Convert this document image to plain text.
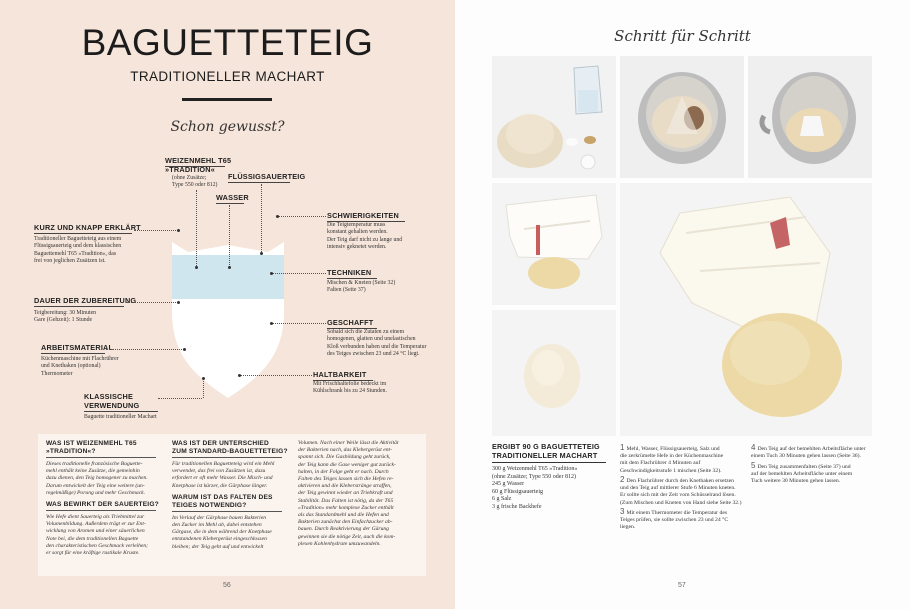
BAGUETTETEIG
TRADITIONELLER MACHART
Schon gewusst?
WEIZENMEHL T65
»TRADITION«
(ohne Zusätze;
Type 550 oder 812)
FLÜSSIGSAUERTEIG
WASSER
KURZ UND KNAPP ERKLÄRT
Traditioneller Baguetteteig aus einem
Flüssigsauerteig und dem klassischen
Baguettemehl T65 »Tradition«, das
frei von jeglichen Zusätzen ist.
DAUER DER ZUBEREITUNG
Teigbereitung: 30 Minuten
Gare (Gehzeit): 1 Stunde
ARBEITSMATERIAL
Küchenmaschine mit Flachrührer
und Knethaken (optional)
Thermometer
KLASSISCHE
VERWENDUNG
Baguette traditioneller Machart
SCHWIERIGKEITEN
Die Teigtemperatur muss
konstant gehalten werden.
Der Teig darf nicht zu lange und
intensiv geknetet werden.
TECHNIKEN
Mischen & Kneten (Seite 32)
Falten (Seite 37)
GESCHAFFT
Sobald sich die Zutaten zu einem
homogenen, glatten und unelastischen
Kloß verbunden haben und die Temperatur
des Teiges zwischen 23 und 24 °C liegt.
HALTBARKEIT
Mit Frischhaltefolie bedeckt im
Kühlschrank bis zu 24 Stunden.
WAS IST WEIZENMEHL T65
»TRADITION«?
Dieses traditionelle französische Baguette-
mehl enthält keine Zusätze, die gemeinhin
dazu dienen, den Teig homogener zu machen.
Darum entwickelt der Teig eine weitere (un-
regelmäßige) Porung und mehr Geschmack.
WAS BEWIRKT DER SAUERTEIG?
Wie Hefe dient Sauerteig als Triebmittel zur
Volumenbildung. Außerdem trägt er zur Ent-
wicklung von Aromen und einer säuerlichen
Note bei, die dem traditionellen Baguette
den charakteristischen Geschmack verleihen;
er sorgt für eine kräftige rustikale Kruste.
WAS IST DER UNTERSCHIED
ZUM STANDARD-BAGUETTETEIG?
Für traditionellen Baguetteteig wird ein Mehl
verwendet, das frei von Zusätzen ist, dazu
erfordert er oft mehr Wasser. Die Misch- und
Knetphase ist kürzer, die Gärphase länger.
WARUM IST DAS FALTEN DES
TEIGES NOTWENDIG?
Im Verlauf der Gärphase bauen Bakterien
den Zucker im Mehl ab, dabei entstehen
Gärgase, die in dem während der Knetphase
entstandenen Klebergerüst eingeschlossen
bleiben; der Teig geht auf und entwickelt
Volumen. Nach einer Weile lässt die Aktivität
der Bakterien nach, das Klebergerüst ent-
spannt sich. Die Gasbildung geht zurück,
der Teig kann die Gase weniger gut zurück-
halten, in der Folge geht er nach. Durch
Falten des Teiges lassen sich die Hefen re-
aktivieren und die Klebersträngе straffen,
der Teig gewinnt wieder an Triebkraft und
Stabilität. Das Falten ist nötig, da der T65
»Tradition« mehr komplexe Zucker enthält
als das Standardmehl und die Hefen und
Bakterien zunächst den Einfachzucker ab-
bauen. Durch Reaktivierung der Gärung
gewinnen sie die nötige Zeit, auch die kom-
plexen Kohlenhydrate umzuwandeln.
56
Schritt für Schritt
ERGIBT 90 G BAGUETTETEIG
TRADITIONELLER MACHART
300 g Weizenmehl T65 »Tradition«
(ohne Zusätze; Type 550 oder 812)
245 g Wasser
60 g Flüssigsauerteig
6 g Salz
3 g frische Backhefe
1 Mehl, Wasser, Flüssigsauerteig, Salz und
die zerkrümelte Hefe in der Küchenmaschine
mit dem Flachrührer 4 Minuten auf
Geschwindigkeitsstufe 1 mischen (Seite 32).
2 Den Flachrührer durch den Knethaken ersetzen
und den Teig auf mittlerer Stufe 6 Minuten kneten.
Er sollte sich mit der Zeit vom Schüsselrand lösen.
(Zum Mischen und Kneten von Hand siehe Seite 32.)
3 Mit einem Thermometer die Temperatur des
Teiges prüfen, sie sollte zwischen 23 und 24 °C liegen.
4 Den Teig auf der bemehlten Arbeitsfläche unter
einem Tuch 30 Minuten gehen lassen (Seite 36).
5 Den Teig zusammenfalten (Seite 37) und
auf der bemehlten Arbeitsfläche unter einem
Tuch weitere 30 Minuten gehen lassen.
57
